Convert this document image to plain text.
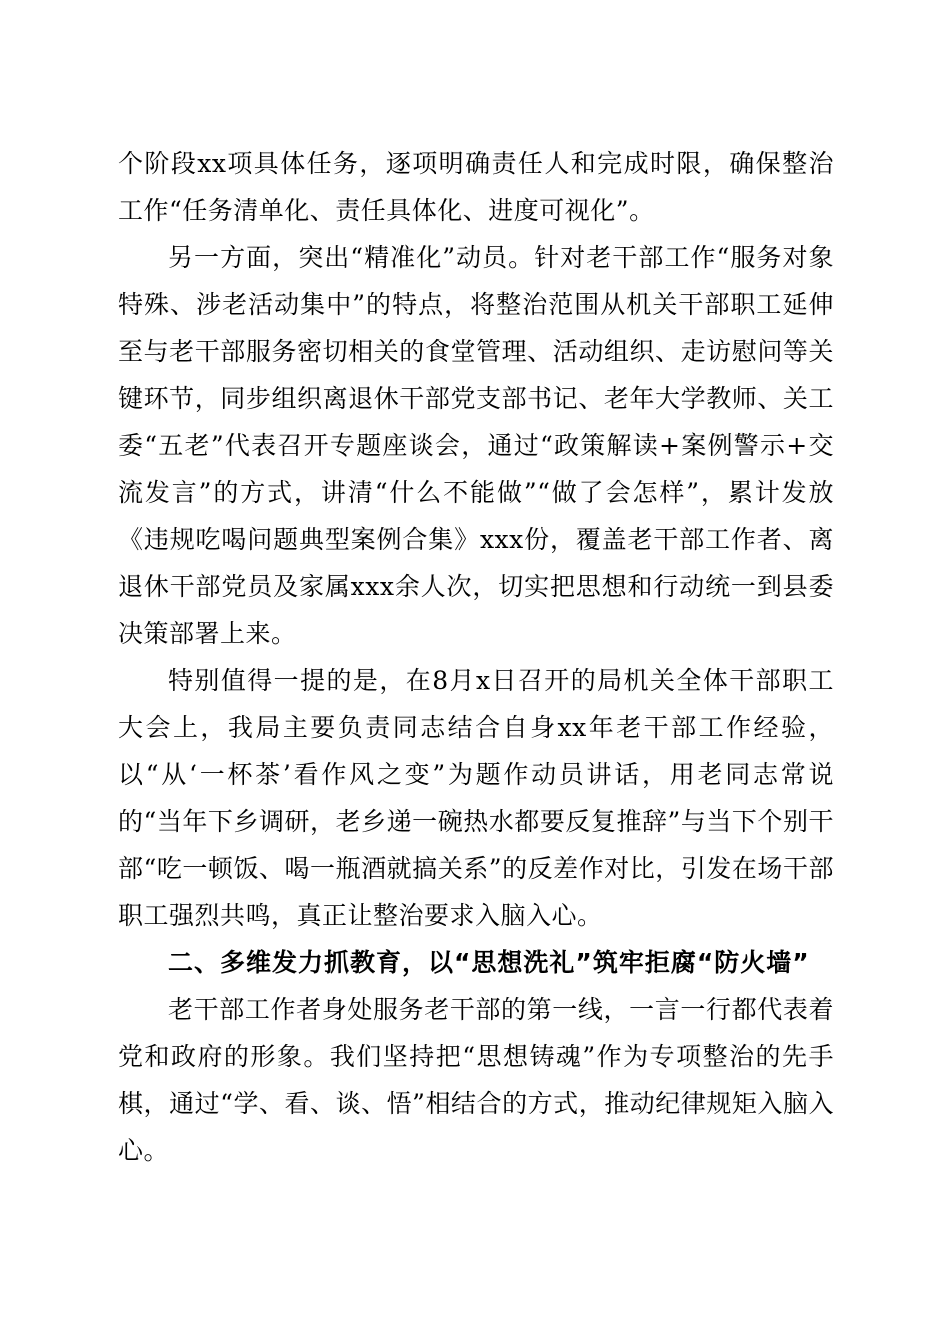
个阶段xx项具体任务，逐项明确责任人和完成时限，确保整治工作“任务清单化、责任具体化、进度可视化”。

另一方面，突出“精准化”动员。针对老干部工作“服务对象特殊、涉老活动集中”的特点，将整治范围从机关干部职工延伸至与老干部服务密切相关的食堂管理、活动组织、走访慰问等关键环节，同步组织离退休干部党支部书记、老年大学教师、关工委“五老”代表召开专题座谈会，通过“政策解读+案例警示+交流发言”的方式，讲清“什么不能做”“做了会怎样”，累计发放《违规吃喝问题典型案例合集》xxx份，覆盖老干部工作者、离退休干部党员及家属xxx余人次，切实把思想和行动统一到县委决策部署上来。

特别值得一提的是，在8月x日召开的局机关全体干部职工大会上，我局主要负责同志结合自身xx年老干部工作经验，以“从‘一杯茶’看作风之变”为题作动员讲话，用老同志常说的“当年下乡调研，老乡递一碗热水都要反复推辞”与当下个别干部“吃一顿饭、喝一瓶酒就搞关系”的反差作对比，引发在场干部职工强烈共鸣，真正让整治要求入脑入心。

二、多维发力抓教育，以“思想洗礼”筑牢拒腐“防火墙”

老干部工作者身处服务老干部的第一线，一言一行都代表着党和政府的形象。我们坚持把“思想铸魂”作为专项整治的先手棋，通过“学、看、谈、悟”相结合的方式，推动纪律规矩入脑入心。
